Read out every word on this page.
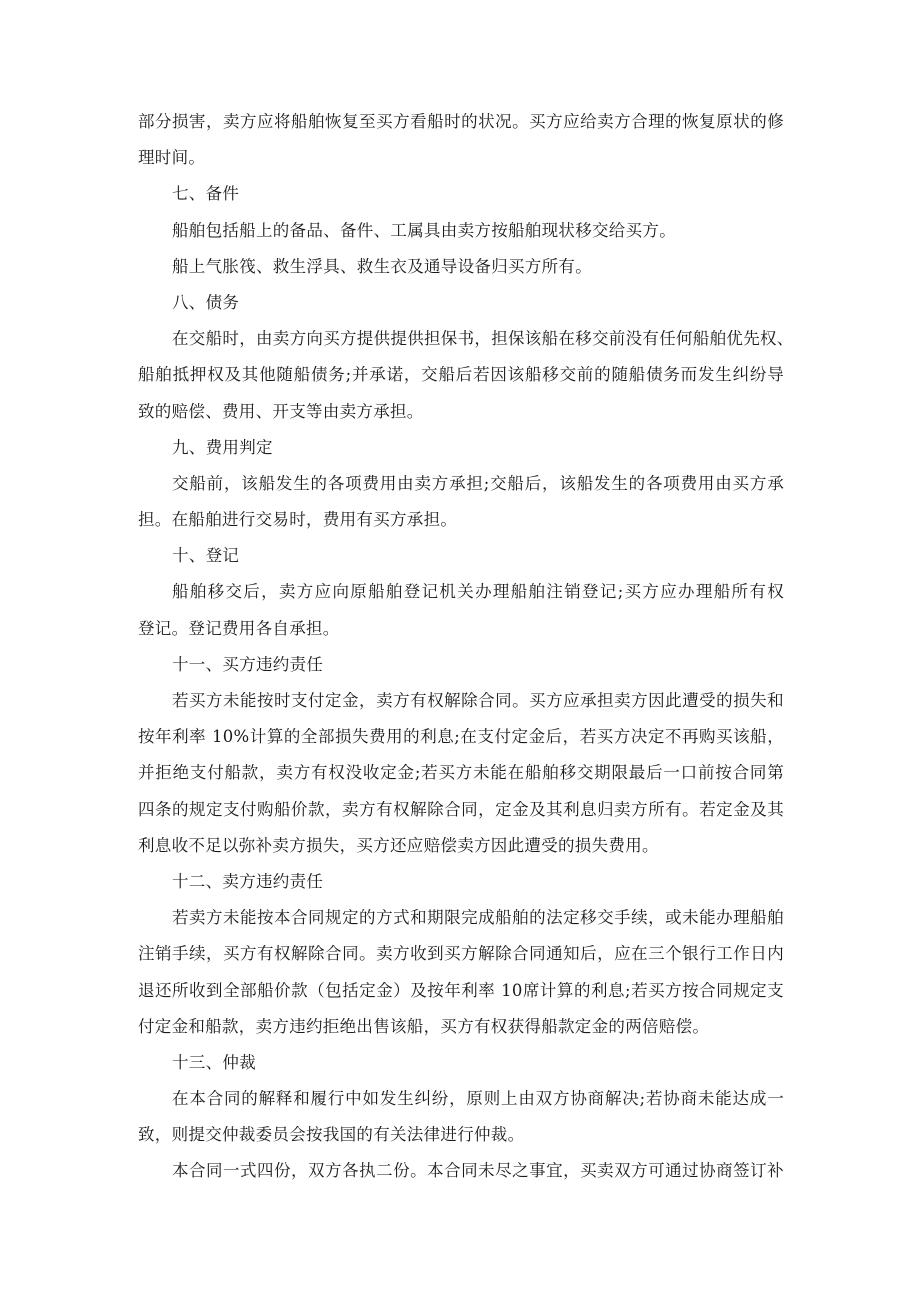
部分损害，卖方应将船舶恢复至买方看船时的状况。买方应给卖方合理的恢复原状的修
理时间。
七、备件
船舶包括船上的备品、备件、工属具由卖方按船舶现状移交给买方。
船上气胀筏、救生浮具、救生衣及通导设备归买方所有。
八、债务
在交船时，由卖方向买方提供提供担保书，担保该船在移交前没有任何船舶优先权、
船舶抵押权及其他随船债务;并承诺，交船后若因该船移交前的随船债务而发生纠纷导
致的赔偿、费用、开支等由卖方承担。
九、费用判定
交船前，该船发生的各项费用由卖方承担;交船后，该船发生的各项费用由买方承
担。在船舶进行交易时，费用有买方承担。
十、登记
船舶移交后，卖方应向原船舶登记机关办理船舶注销登记;买方应办理船所有权
登记。登记费用各自承担。
十一、买方违约责任
若买方未能按时支付定金，卖方有权解除合同。买方应承担卖方因此遭受的损失和
按年利率 10%计算的全部损失费用的利息;在支付定金后，若买方决定不再购买该船，
并拒绝支付船款，卖方有权没收定金;若买方未能在船舶移交期限最后一口前按合同第
四条的规定支付购船价款，卖方有权解除合同，定金及其利息归卖方所有。若定金及其
利息收不足以弥补卖方损失，买方还应赔偿卖方因此遭受的损失费用。
十二、卖方违约责任
若卖方未能按本合同规定的方式和期限完成船舶的法定移交手续，或未能办理船舶
注销手续，买方有权解除合同。卖方收到买方解除合同通知后，应在三个银行工作日内
退还所收到全部船价款（包括定金）及按年利率 10席计算的利息;若买方按合同规定支
付定金和船款，卖方违约拒绝出售该船，买方有权获得船款定金的两倍赔偿。
十三、仲裁
在本合同的解释和履行中如发生纠纷，原则上由双方协商解决;若协商未能达成一
致，则提交仲裁委员会按我国的有关法律进行仲裁。
本合同一式四份，双方各执二份。本合同未尽之事宜，买卖双方可通过协商签订补
